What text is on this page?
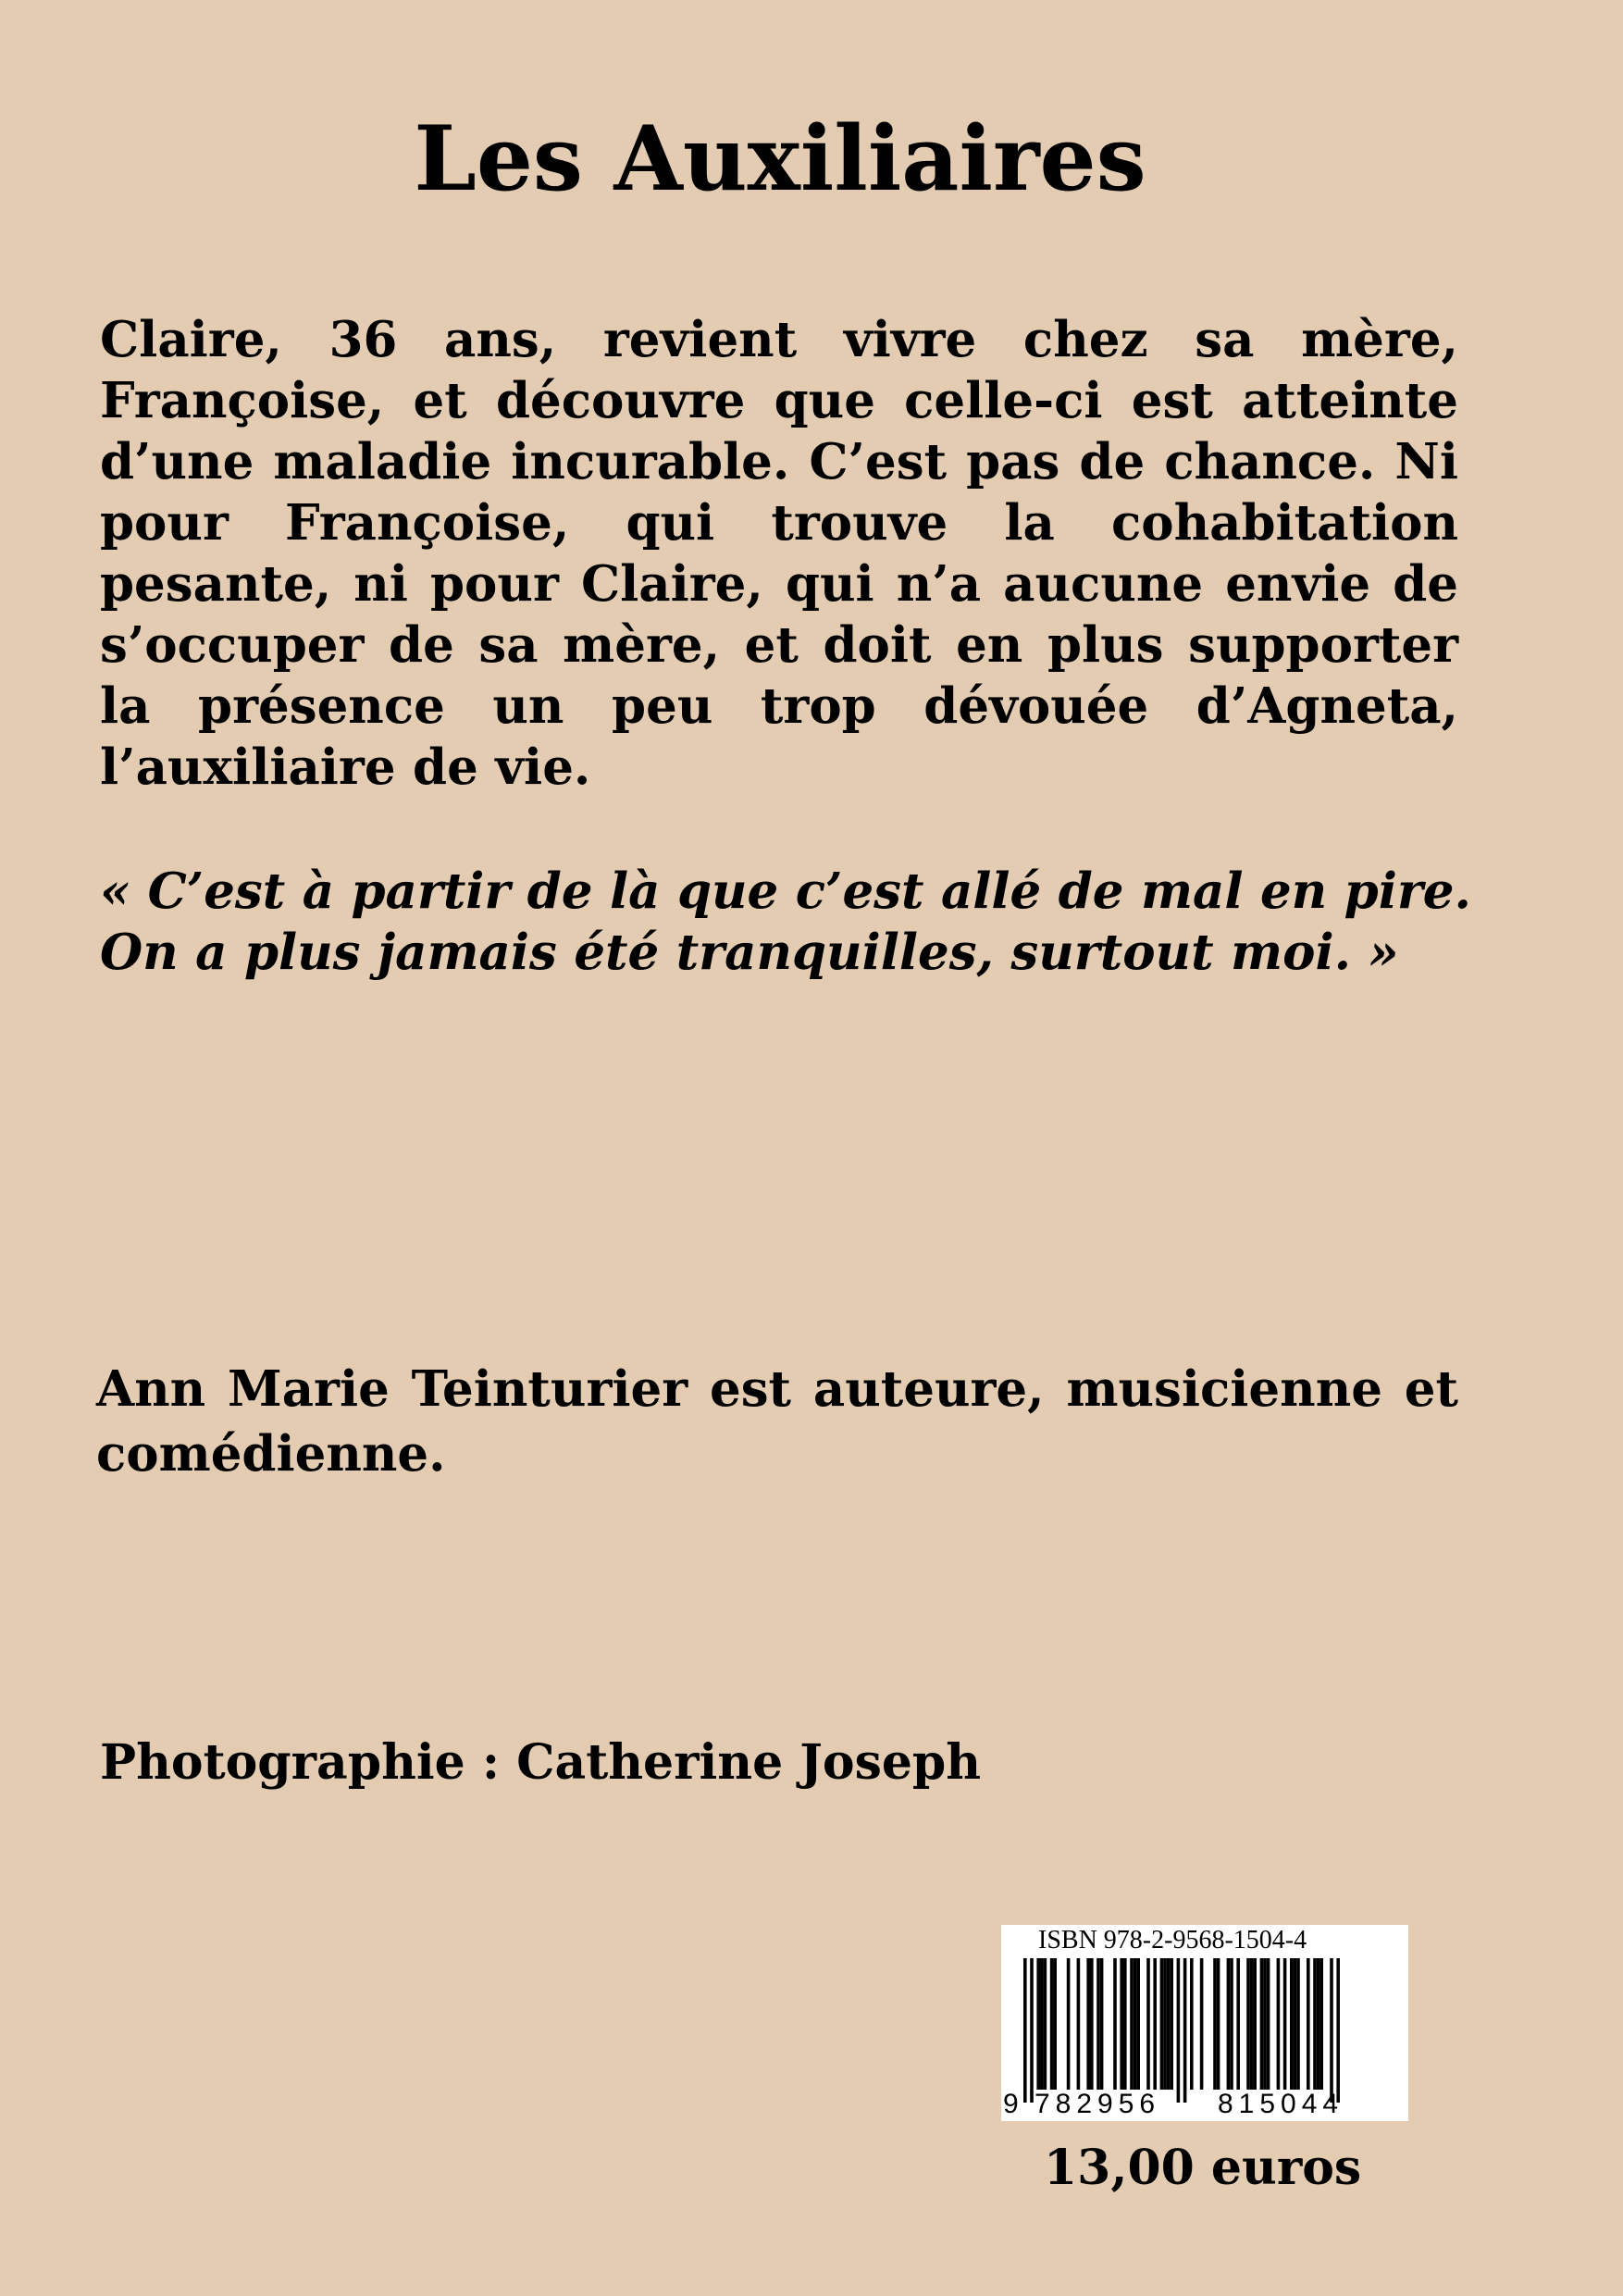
Les Auxiliaires

Claire, 36 ans, revient vivre chez sa mère, Françoise, et découvre que celle-ci est atteinte d’une maladie incurable. C’est pas de chance. Ni pour Françoise, qui trouve la cohabitation pesante, ni pour Claire, qui n’a aucune envie de s’occuper de sa mère, et doit en plus supporter la présence un peu trop dévouée d’Agneta, l’auxiliaire de vie.

« C’est à partir de là que c’est allé de mal en pire.
On a plus jamais été tranquilles, surtout moi. »

Ann Marie Teinturier est auteure, musicienne et comédienne.

Photographie : Catherine Joseph

ISBN 978-2-9568-1504-4
9 782956 815044

13,00 euros
